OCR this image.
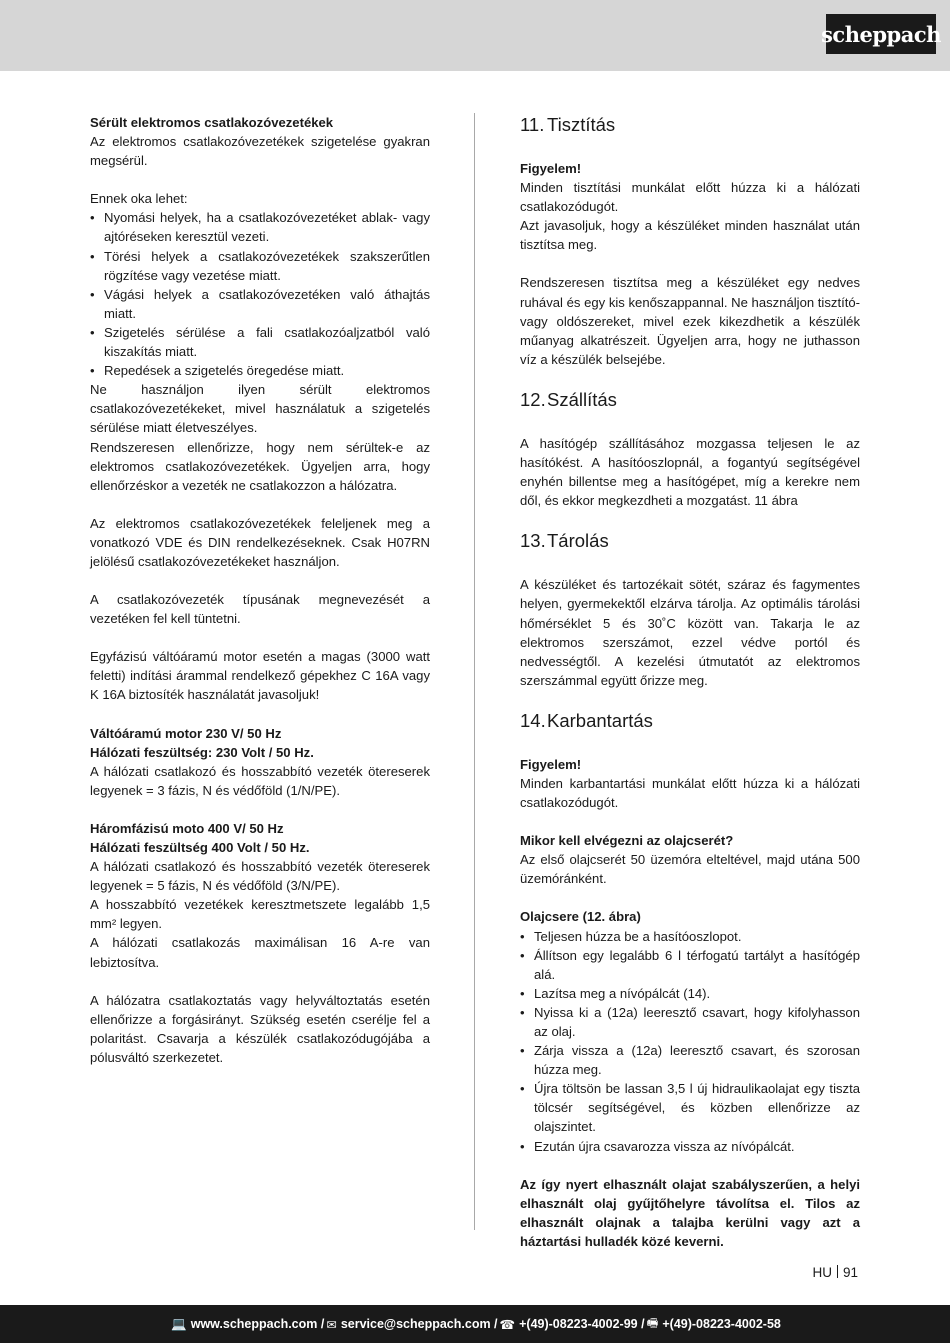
scheppach

Sérült elektromos csatlakozóvezetékek

Az elektromos csatlakozóvezetékek szigetelése gyakran megsérül.

Ennek oka lehet:

• Nyomási helyek, ha a csatlakozóvezetéket ablak- vagy ajtóréseken keresztül vezeti.
• Törési helyek a csatlakozóvezetékek szakszerűtlen rögzítése vagy vezetése miatt.
• Vágási helyek a csatlakozóvezetéken való áthajtás miatt.
• Szigetelés sérülése a fali csatlakozóaljzatból való kiszakítás miatt.
• Repedések a szigetelés öregedése miatt.

Ne használjon ilyen sérült elektromos csatlakozóvezetékeket, mivel használatuk a szigetelés sérülése miatt életveszélyes.

Rendszeresen ellenőrizze, hogy nem sérültek-e az elektromos csatlakozóvezetékek. Ügyeljen arra, hogy ellenőrzéskor a vezeték ne csatlakozzon a hálózatra.

Az elektromos csatlakozóvezetékek feleljenek meg a vonatkozó VDE és DIN rendelkezéseknek. Csak H07RN jelölésű csatlakozóvezetékeket használjon.

A csatlakozóvezeték típusának megnevezését a vezetéken fel kell tüntetni.

Egyfázisú váltóáramú motor esetén a magas (3000 watt feletti) indítási árammal rendelkező gépekhez C 16A vagy K 16A biztosíték használatát javasoljuk!

Váltóáramú motor 230 V/ 50 Hz

Hálózati feszültség: 230 Volt / 50 Hz.

A hálózati csatlakozó és hosszabbító vezeték ötereserek legyenek = 3 fázis, N és védőföld (1/N/PE).

Háromfázisú moto 400 V/ 50 Hz

Hálózati feszültség 400 Volt / 50 Hz.

A hálózati csatlakozó és hosszabbító vezeték ötereserek legyenek = 5 fázis, N és védőföld (3/N/PE).

A hosszabbító vezetékek keresztmetszete legalább 1,5 mm² legyen.

A hálózati csatlakozás maximálisan 16 A-re van lebiztosítva.

A hálózatra csatlakoztatás vagy helyváltoztatás esetén ellenőrizze a forgásirányt. Szükség esetén cserélje fel a polaritást. Csavarja a készülék csatlakozódugójába a pólusváltó szerkezetet.

11. Tisztítás

Figyelem!

Minden tisztítási munkálat előtt húzza ki a hálózati csatlakozódugót.

Azt javasoljuk, hogy a készüléket minden használat után tisztítsa meg.

Rendszeresen tisztítsa meg a készüléket egy nedves ruhával és egy kis kenőszappannal. Ne használjon tisztító- vagy oldószereket, mivel ezek kikezdhetik a készülék műanyag alkatrészeit. Ügyeljen arra, hogy ne juthasson víz a készülék belsejébe.

12.Szállítás

A hasítógép szállításához mozgassa teljesen le az hasítókést. A hasítóoszlopnál, a fogantyú segítségével enyhén billentse meg a hasítógépet, míg a kerekre nem dől, és ekkor megkezdheti a mozgatást. 11 ábra

13.Tárolás

A készüléket és tartozékait sötét, száraz és fagymentes helyen, gyermekektől elzárva tárolja. Az optimális tárolási hőmérséklet 5 és 30˚C között van. Takarja le az elektromos szerszámot, ezzel védve portól és nedvességtől. A kezelési útmutatót az elektromos szerszámmal együtt őrizze meg.

14.Karbantartás

Figyelem!

Minden karbantartási munkálat előtt húzza ki a hálózati csatlakozódugót.

Mikor kell elvégezni az olajcserét?

Az első olajcserét 50 üzemóra elteltével, majd utána 500 üzemóránként.

Olajcsere (12. ábra)

• Teljesen húzza be a hasítóoszlopot.
• Állítson egy legalább 6 l térfogatú tartályt a hasítógép alá.
• Lazítsa meg a nívópálcát (14).
• Nyissa ki a (12a) leeresztő csavart, hogy kifolyhasson az olaj.
• Zárja vissza a (12a) leeresztő csavart, és szorosan húzza meg.
• Újra töltsön be lassan 3,5 l új hidraulikaolajat egy tiszta tölcsér segítségével, és közben ellenőrizze az olajszintet.
• Ezután újra csavarozza vissza az nívópálcát.

Az így nyert elhasznált olajat szabályszerűen, a helyi elhasznált olaj gyűjtőhelyre távolítsa el. Tilos az elhasznált olajnak a talajba kerülni vagy azt a háztartási hulladék közé keverni.

HU 91
💻 www.scheppach.com / ✉ service@scheppach.com / ☎ +(49)-08223-4002-99 / 🖷 +(49)-08223-4002-58
